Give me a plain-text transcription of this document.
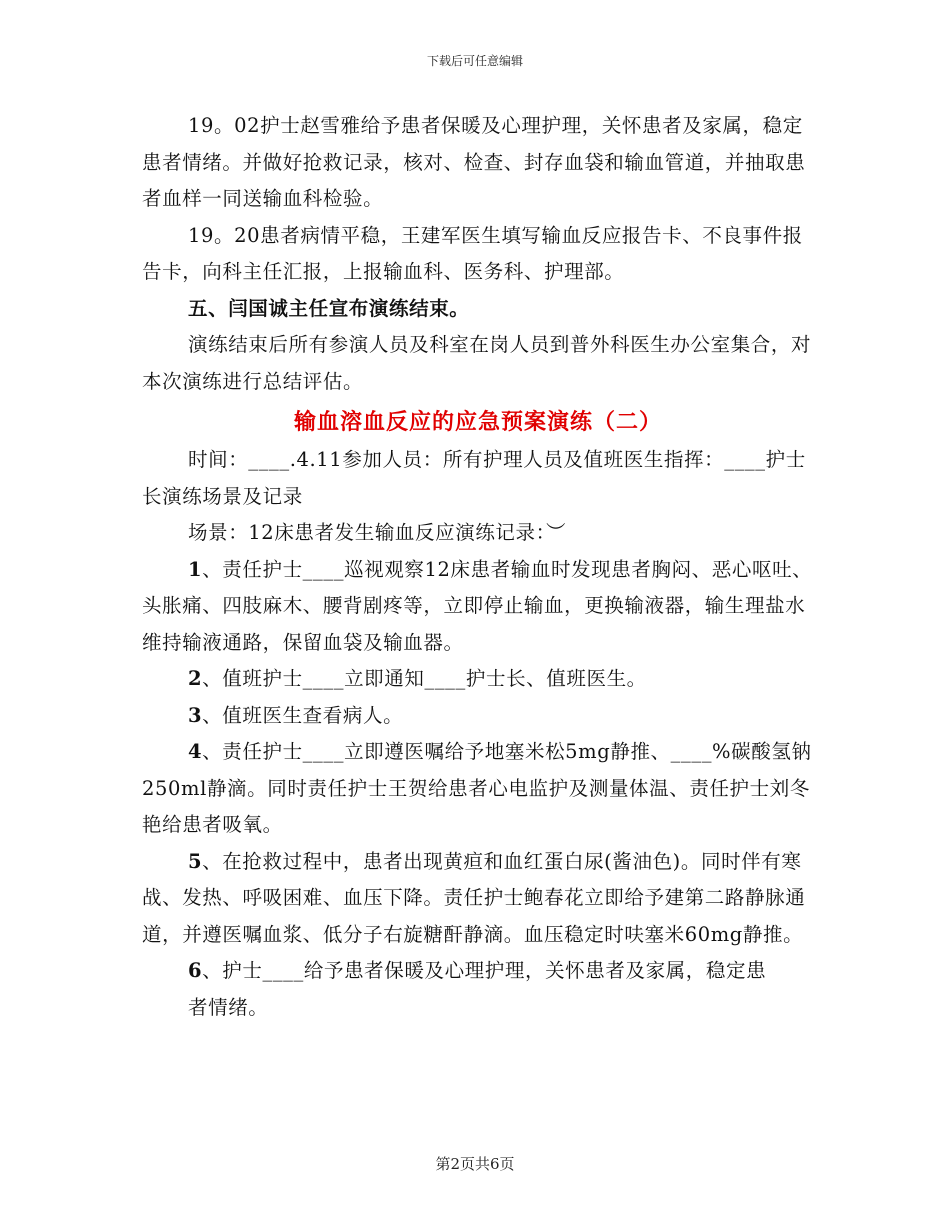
下载后可任意编辑

19。02护士赵雪雅给予患者保暖及心理护理，关怀患者及家属，稳定患者情绪。并做好抢救记录，核对、检查、封存血袋和输血管道，并抽取患者血样一同送输血科检验。

19。20患者病情平稳，王建军医生填写输血反应报告卡、不良事件报告卡，向科主任汇报，上报输血科、医务科、护理部。

五、闫国诚主任宣布演练结束。

演练结束后所有参演人员及科室在岗人员到普外科医生办公室集合，对本次演练进行总结评估。

输血溶血反应的应急预案演练（二）

时间：____.4.11参加人员：所有护理人员及值班医生指挥：____护士长演练场景及记录

场景：12床患者发生输血反应演练记录：︶

1、责任护士____巡视观察12床患者输血时发现患者胸闷、恶心呕吐、头胀痛、四肢麻木、腰背剧疼等，立即停止输血，更换输液器，输生理盐水维持输液通路，保留血袋及输血器。

2、值班护士____立即通知____护士长、值班医生。

3、值班医生查看病人。

4、责任护士____立即遵医嘱给予地塞米松5mg静推、____%碳酸氢钠250ml静滴。同时责任护士王贺给患者心电监护及测量体温、责任护士刘冬艳给患者吸氧。

5、在抢救过程中，患者出现黄疸和血红蛋白尿(酱油色)。同时伴有寒战、发热、呼吸困难、血压下降。责任护士鲍春花立即给予建第二路静脉通道，并遵医嘱血浆、低分子右旋糖酐静滴。血压稳定时呋塞米60mg静推。

6、护士____给予患者保暖及心理护理，关怀患者及家属，稳定患

者情绪。

第2页共6页
